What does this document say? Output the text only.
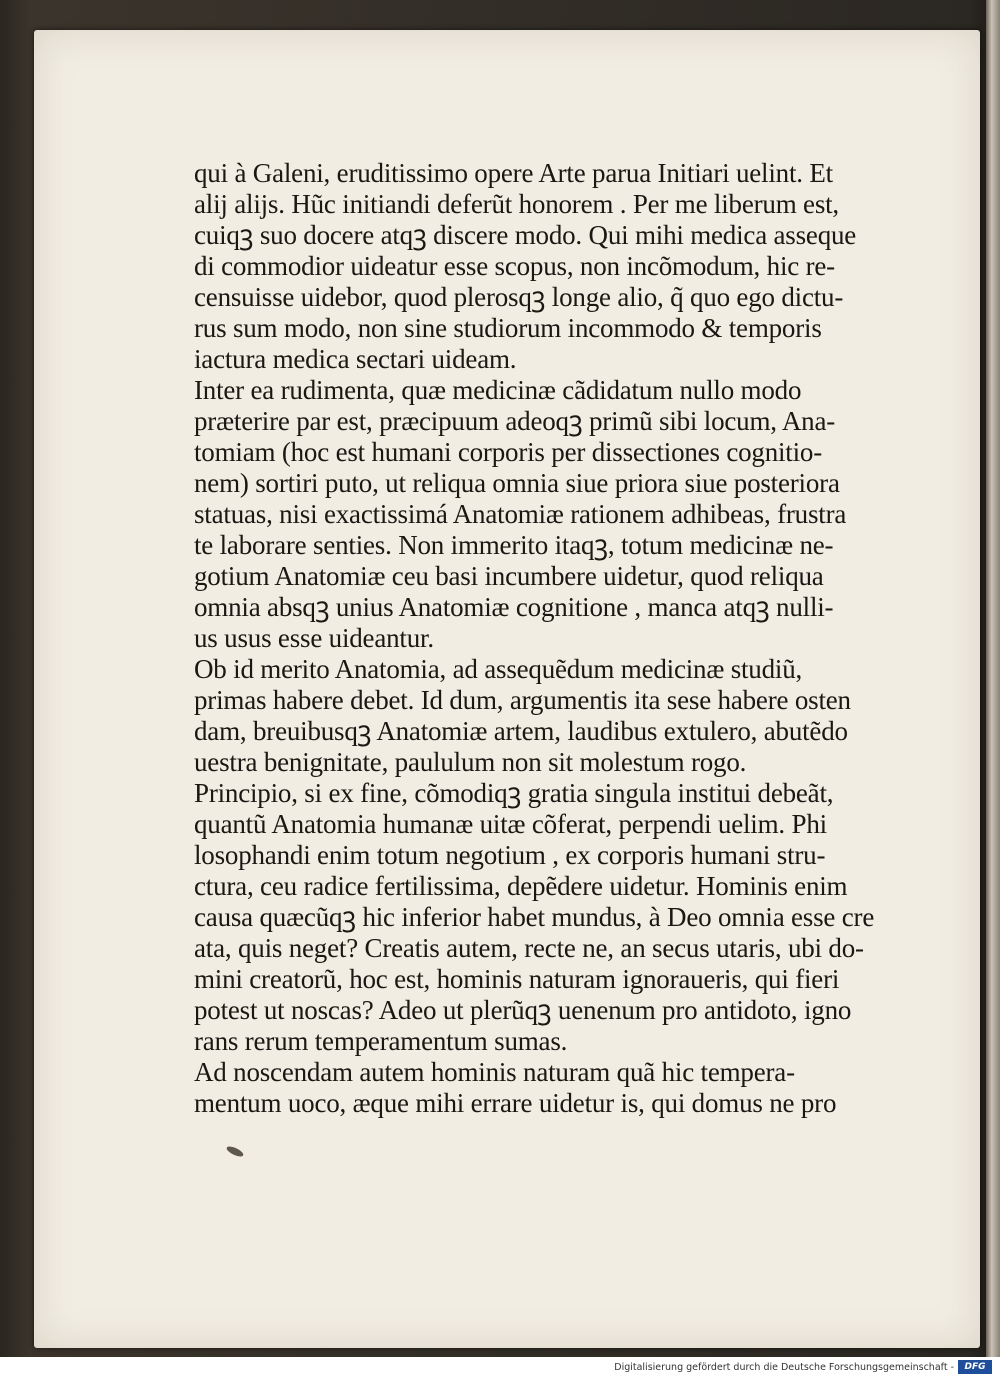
qui à Galeni, eruditissimo opere Arte parua Initiari uelint. Et
alij alijs. Hũc initiandi deferũt honorem . Per me liberum est,
cuiqꝫ suo docere atqꝫ discere modo. Qui mihi medica asseque
di commodior uideatur esse scopus, non incõmodum, hic re-
censuisse uidebor, quod plerosqꝫ longe alio, q̃ quo ego dictu-
rus sum modo, non sine studiorum incommodo & temporis
iactura medica sectari uideam.
Inter ea rudimenta, quæ medicinæ cãdidatum nullo modo
præterire par est, præcipuum adeoqꝫ primũ sibi locum, Ana-
tomiam (hoc est humani corporis per dissectiones cognitio-
nem) sortiri puto, ut reliqua omnia siue priora siue posteriora
statuas, nisi exactissimá Anatomiæ rationem adhibeas, frustra
te laborare senties. Non immerito itaqꝫ, totum medicinæ ne-
gotium Anatomiæ ceu basi incumbere uidetur, quod reliqua
omnia absqꝫ unius Anatomiæ cognitione , manca atqꝫ nulli-
us usus esse uideantur.
Ob id merito Anatomia, ad assequẽdum medicinæ studiũ,
primas habere debet. Id dum, argumentis ita sese habere osten
dam, breuibusqꝫ Anatomiæ artem, laudibus extulero, abutẽdo
uestra benignitate, paululum non sit molestum rogo.
Principio, si ex fine, cõmodiqꝫ gratia singula institui debeãt,
quantũ Anatomia humanæ uitæ cõferat, perpendi uelim. Phi
losophandi enim totum negotium , ex corporis humani stru-
ctura, ceu radice fertilissima, depẽdere uidetur. Hominis enim
causa quæcũqꝫ hic inferior habet mundus, à Deo omnia esse cre
ata, quis neget? Creatis autem, recte ne, an secus utaris, ubi do-
mini creatorũ, hoc est, hominis naturam ignoraueris, qui fieri
potest ut noscas? Adeo ut plerũqꝫ uenenum pro antidoto, igno
rans rerum temperamentum sumas.
Ad noscendam autem hominis naturam quã hic tempera-
mentum uoco, æque mihi errare uidetur is, qui domus ne pro
Digitalisierung gefördert durch die Deutsche Forschungsgemeinschaft -	DFG
